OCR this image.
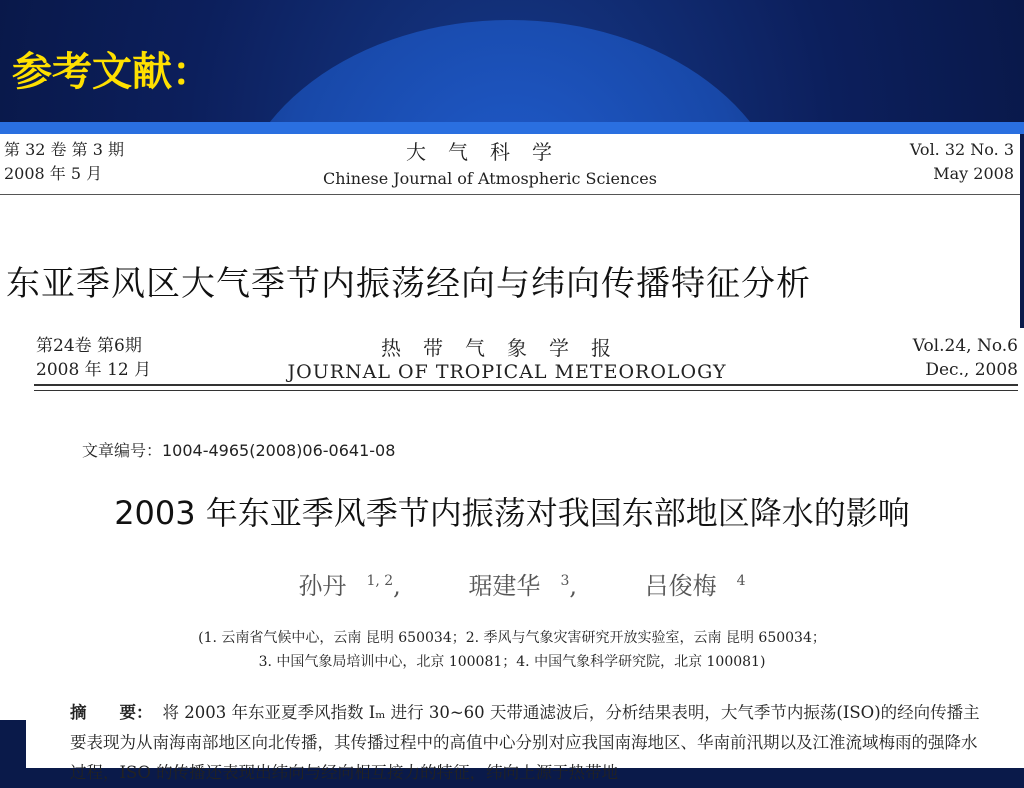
参考文献：
第 32 卷 第 3 期
2008 年 5 月
大气科学
Chinese Journal of Atmospheric Sciences
Vol. 32 No. 3
May 2008
东亚季风区大气季节内振荡经向与纬向传播特征分析
第24卷 第6期
2008 年 12 月
热带气象学报
JOURNAL OF TROPICAL METEOROLOGY
Vol.24, No.6
Dec., 2008
文章编号：1004-4965(2008)06-0641-08
2003 年东亚季风季节内振荡对我国东部地区降水的影响
孙丹 $^{1, 2}$,	琚建华 $^3$,	吕俊梅 $^4$
(1. 云南省气候中心，云南 昆明 650034；2. 季风与气象灾害研究开放实验室，云南 昆明 650034；
3. 中国气象局培训中心，北京 100081；4. 中国气象科学研究院，北京 100081)
摘　　要： 将 2003 年东亚夏季风指数 Iₘ 进行 30~60 天带通滤波后，分析结果表明，大气季节内振荡(ISO)的经向传播主要表现为从南海南部地区向北传播，其传播过程中的高值中心分别对应我国南海地区、华南前汛期以及江淮流域梅雨的强降水过程，ISO 的传播还表现出纬向与经向相互接力的特征，纬向上源于热带地
